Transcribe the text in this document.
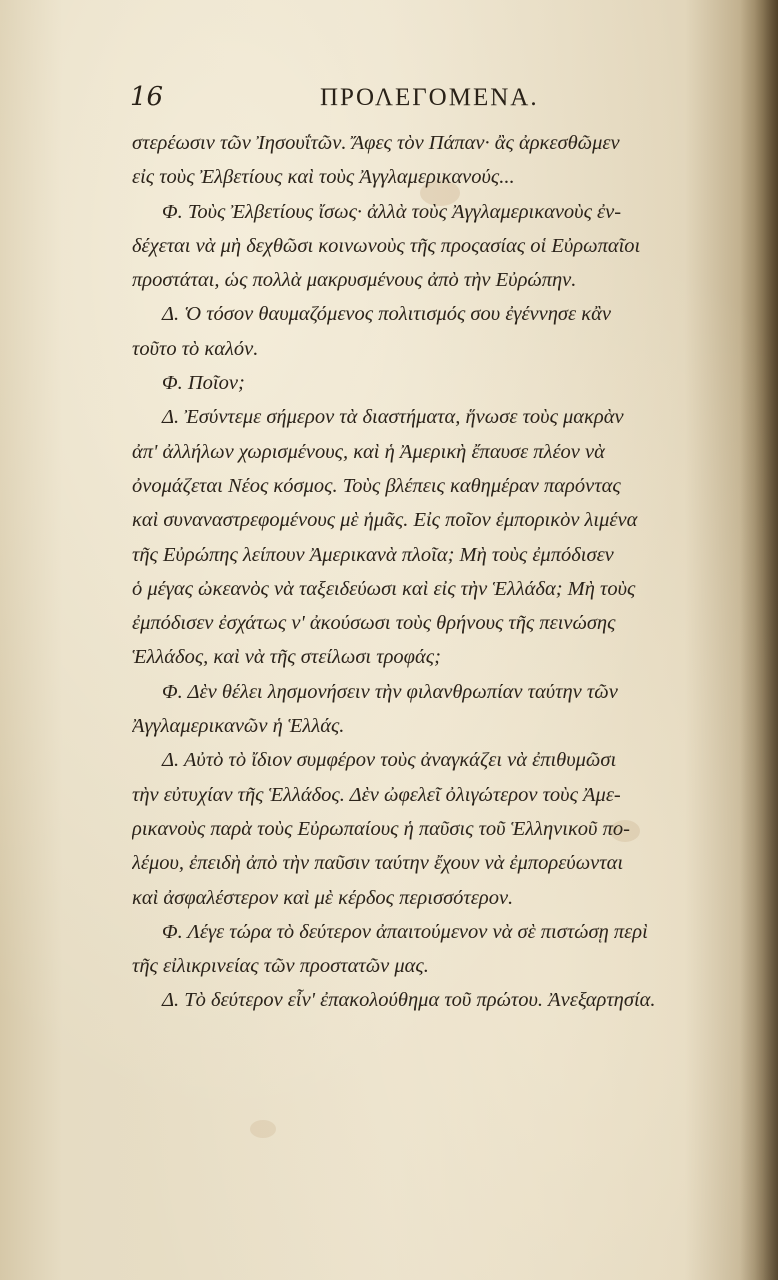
16	ΠΡΟΛΕΓΟΜΕΝΑ.
στερέωσιν τῶν Ἰησουΐτῶν. Ἄφες τὸν Πάπαν· ἂς ἀρκεσθῶμεν
εἰς τοὺς Ἐλβετίους καὶ τοὺς Ἀγγλαμερικανούς...
Φ. Τοὺς Ἐλβετίους ἴσως· ἀλλὰ τοὺς Ἀγγλαμερικανοὺς ἐν-
δέχεται νὰ μὴ δεχθῶσι κοινωνοὺς τῆς προςασίας οἱ Εὐρωπαῖοι
προστάται, ὡς πολλὰ μακρυσμένους ἀπὸ τὴν Εὐρώπην.
Δ. Ὁ τόσον θαυμαζόμενος πολιτισμός σου ἐγέννησε κἂν
τοῦτο τὸ καλόν.
Φ. Ποῖον;
Δ. Ἐσύντεμε σήμερον τὰ διαστήματα, ἥνωσε τοὺς μακρὰν
ἀπ' ἀλλήλων χωρισμένους, καὶ ἡ Ἀμερικὴ ἔπαυσε πλέον νὰ
ὀνομάζεται Νέος κόσμος. Τοὺς βλέπεις καθημέραν παρόντας
καὶ συναναστρεφομένους μὲ ἡμᾶς. Εἰς ποῖον ἐμπορικὸν λιμένα
τῆς Εὐρώπης λείπουν Ἀμερικανὰ πλοῖα; Μὴ τοὺς ἐμπόδισεν
ὁ μέγας ὠκεανὸς νὰ ταξειδεύωσι καὶ εἰς τὴν Ἑλλάδα; Μὴ τοὺς
ἐμπόδισεν ἐσχάτως ν' ἀκούσωσι τοὺς θρήνους τῆς πεινώσης
Ἑλλάδος, καὶ νὰ τῆς στείλωσι τροφάς;
Φ. Δὲν θέλει λησμονήσειν τὴν φιλανθρωπίαν ταύτην τῶν
Ἀγγλαμερικανῶν ἡ Ἑλλάς.
Δ. Αὐτὸ τὸ ἴδιον συμφέρον τοὺς ἀναγκάζει νὰ ἐπιθυμῶσι
τὴν εὐτυχίαν τῆς Ἑλλάδος. Δὲν ὠφελεῖ ὀλιγώτερον τοὺς Ἀμε-
ρικανοὺς παρὰ τοὺς Εὐρωπαίους ἡ παῦσις τοῦ Ἑλληνικοῦ πο-
λέμου, ἐπειδὴ ἀπὸ τὴν παῦσιν ταύτην ἔχουν νὰ ἐμπορεύωνται
καὶ ἀσφαλέστερον καὶ μὲ κέρδος περισσότερον.
Φ. Λέγε τώρα τὸ δεύτερον ἀπαιτούμενον νὰ σὲ πιστώσῃ περὶ
τῆς εἰλικρινείας τῶν προστατῶν μας.
Δ. Τὸ δεύτερον εἶν' ἐπακολούθημα τοῦ πρώτου. Ἀνεξαρτησία.
